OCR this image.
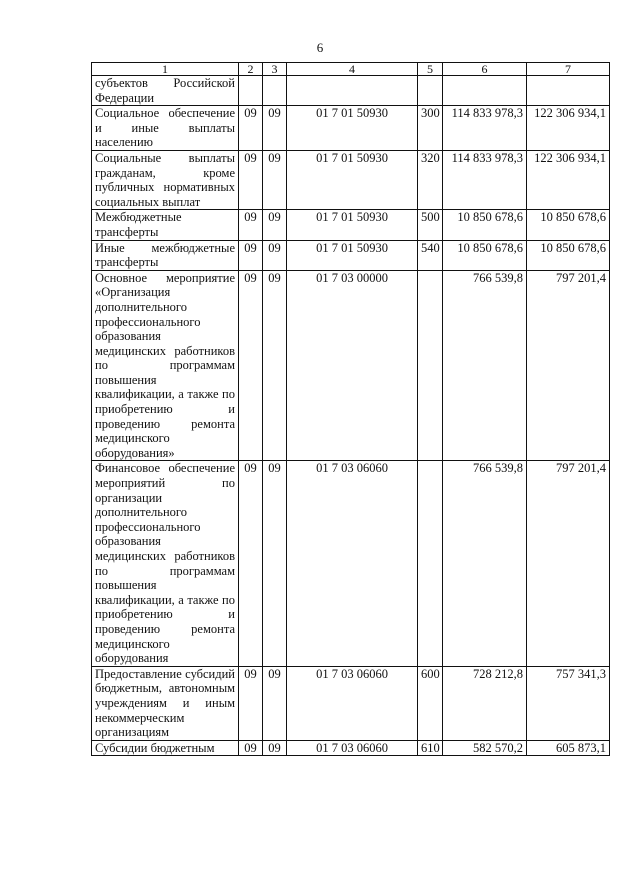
6
1	2	3	4	5	6	7
субъектов Российской Федерации						
Социальное обеспечение и иные выплаты населению	09	09	01 7 01 50930	300	114 833 978,3	122 306 934,1
Социальные выплаты гражданам, кроме публичных нормативных социальных выплат	09	09	01 7 01 50930	320	114 833 978,3	122 306 934,1
Межбюджетные трансферты	09	09	01 7 01 50930	500	10 850 678,6	10 850 678,6
Иные межбюджетные трансферты	09	09	01 7 01 50930	540	10 850 678,6	10 850 678,6
Основное мероприятие «Организация дополнительного профессионального образования медицинских работников по программам повышения квалификации, а также по приобретению и проведению ремонта медицинского оборудования»	09	09	01 7 03 00000		766 539,8	797 201,4
Финансовое обеспечение мероприятий по организации дополнительного профессионального образования медицинских работников по программам повышения квалификации, а также по приобретению и проведению ремонта медицинского оборудования	09	09	01 7 03 06060		766 539,8	797 201,4
Предоставление субсидий бюджетным, автономным учреждениям и иным некоммерческим организациям	09	09	01 7 03 06060	600	728 212,8	757 341,3
Субсидии бюджетным	09	09	01 7 03 06060	610	582 570,2	605 873,1
